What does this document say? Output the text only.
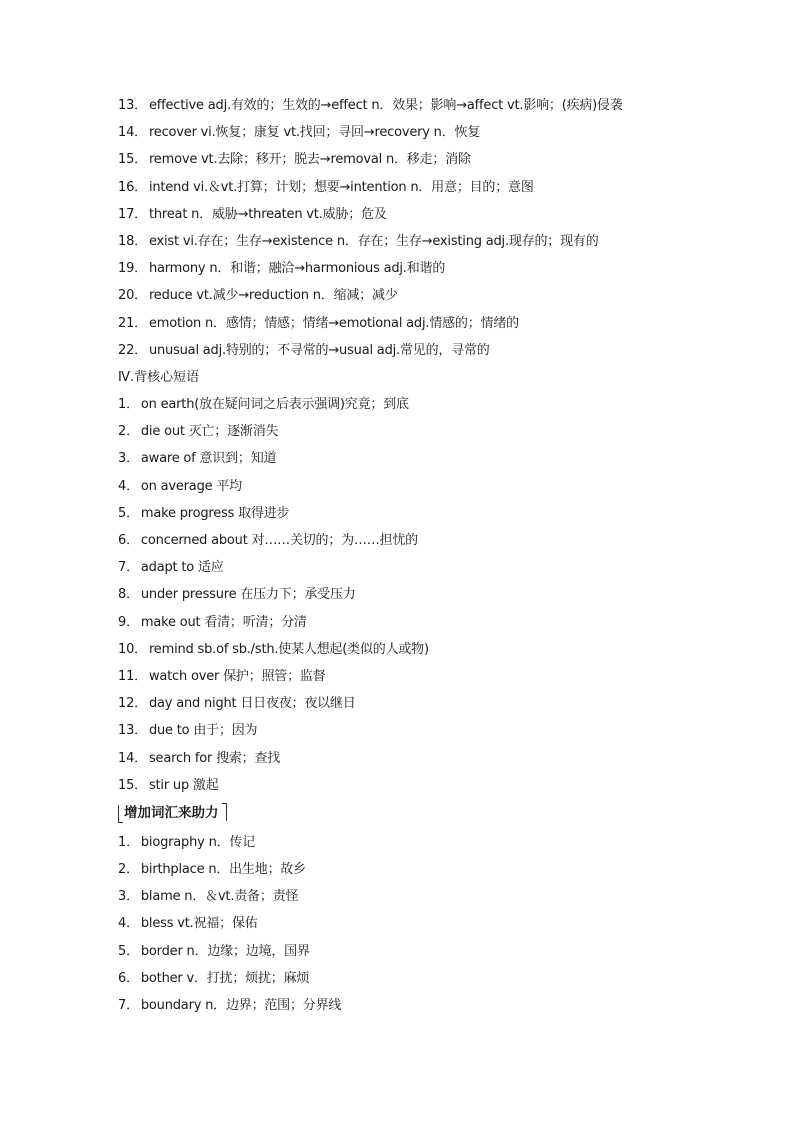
13． effective adj.有效的；生效的→effect n．效果；影响→affect vt.影响；(疾病)侵袭
14． recover vi.恢复；康复 vt.找回；寻回→recovery n．恢复
15． remove vt.去除；移开；脱去→removal n．移走；消除
16． intend vi.＆vt.打算；计划；想要→intention n．用意；目的；意图
17． threat n．威胁→threaten vt.威胁；危及
18． exist vi.存在；生存→existence n．存在；生存→existing adj.现存的；现有的
19． harmony n．和谐；融洽→harmonious adj.和谐的
20． reduce vt.减少→reduction n．缩减；减少
21． emotion n．感情；情感；情绪→emotional adj.情感的；情绪的
22． unusual adj.特别的；不寻常的→usual adj.常见的，寻常的
Ⅳ.背核心短语
1． on earth(放在疑问词之后表示强调)究竟；到底
2． die out 灭亡；逐渐消失
3． aware of 意识到；知道
4． on average 平均
5． make progress 取得进步
6． concerned about 对……关切的；为……担忧的
7． adapt to 适应
8． under pressure 在压力下；承受压力
9． make out 看清；听清；分清
10． remind sb.of sb./sth.使某人想起(类似的人或物)
11． watch over 保护；照管；监督
12． day and night 日日夜夜；夜以继日
13． due to 由于；因为
14． search for 搜索；查找
15． stir up 激起
增加词汇来助力
1． biography n．传记
2． birthplace n．出生地；故乡
3． blame n．＆vt.责备；责怪
4． bless vt.祝福；保佑
5． border n．边缘；边境，国界
6． bother v．打扰；烦扰；麻烦
7． boundary n．边界；范围；分界线
